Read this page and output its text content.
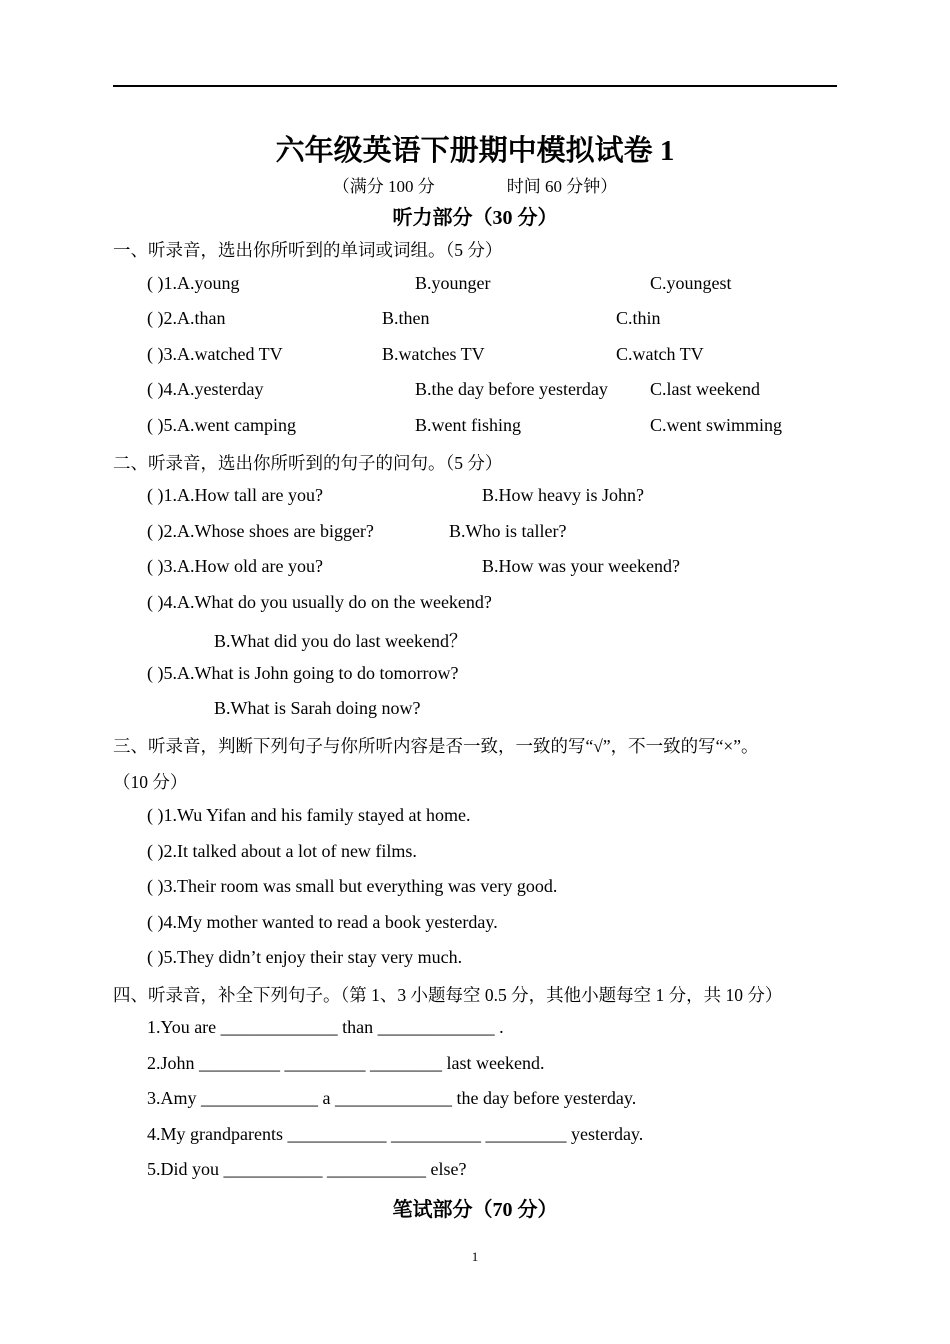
六年级英语下册期中模拟试卷 1
（满分 100 分	时间 60 分钟）
听力部分（30 分）
一、听录音，选出你所听到的单词或词组。（5 分）
( )1.A.young	B.younger	C.youngest
( )2.A.than	B.then	C.thin
( )3.A.watched TV	B.watches TV	C.watch TV
( )4.A.yesterday	B.the day before yesterday C.last weekend
( )5.A.went camping	B.went fishing	C.went swimming
二、听录音，选出你所听到的句子的问句。（5 分）
( )1.A.How tall are you?	B.How heavy is John?
( )2.A.Whose shoes are bigger?	B.Who is taller?
( )3.A.How old are you?	B.How was your weekend?
( )4.A.What do you usually do on the weekend?
B.What did you do last weekend？
( )5.A.What is John going to do tomorrow?
B.What is Sarah doing now?
三、听录音，判断下列句子与你所听内容是否一致，一致的写“√”，不一致的写“×”。
（10 分）
( )1.Wu Yifan and his family stayed at home.
( )2.It talked about a lot of new films.
( )3.Their room was small but everything was very good.
( )4.My mother wanted to read a book yesterday.
( )5.They didn’t enjoy their stay very much.
四、听录音，补全下列句子。（第 1、3 小题每空 0.5 分，其他小题每空 1 分，共 10 分）
1.You are _____________ than _____________ .
2.John _________ _________ ________ last weekend.
3.Amy _____________ a _____________ the day before yesterday.
4.My grandparents ___________ __________ _________ yesterday.
5.Did you ___________ ___________ else?
笔试部分（70 分）
1
